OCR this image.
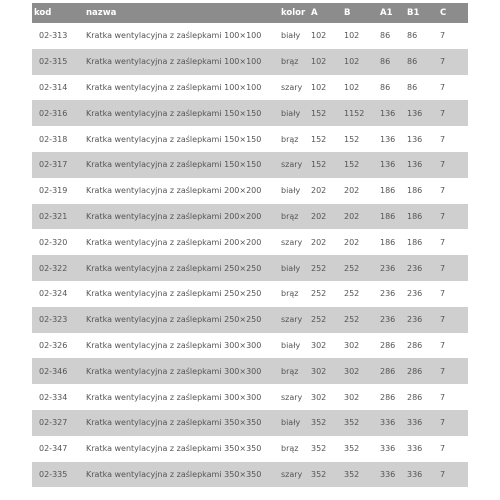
kod	nazwa	kolor	A	B	A1	B1	C
02-313	Kratka wentylacyjna z zaślepkami 100×100	biały	102	102	86	86	7
02-315	Kratka wentylacyjna z zaślepkami 100×100	brąz	102	102	86	86	7
02-314	Kratka wentylacyjna z zaślepkami 100×100	szary	102	102	86	86	7
02-316	Kratka wentylacyjna z zaślepkami 150×150	biały	152	1152	136	136	7
02-318	Kratka wentylacyjna z zaślepkami 150×150	brąz	152	152	136	136	7
02-317	Kratka wentylacyjna z zaślepkami 150×150	szary	152	152	136	136	7
02-319	Kratka wentylacyjna z zaślepkami 200×200	biały	202	202	186	186	7
02-321	Kratka wentylacyjna z zaślepkami 200×200	brąz	202	202	186	186	7
02-320	Kratka wentylacyjna z zaślepkami 200×200	szary	202	202	186	186	7
02-322	Kratka wentylacyjna z zaślepkami 250×250	biały	252	252	236	236	7
02-324	Kratka wentylacyjna z zaślepkami 250×250	brąz	252	252	236	236	7
02-323	Kratka wentylacyjna z zaślepkami 250×250	szary	252	252	236	236	7
02-326	Kratka wentylacyjna z zaślepkami 300×300	biały	302	302	286	286	7
02-346	Kratka wentylacyjna z zaślepkami 300×300	brąz	302	302	286	286	7
02-334	Kratka wentylacyjna z zaślepkami 300×300	szary	302	302	286	286	7
02-327	Kratka wentylacyjna z zaślepkami 350×350	biały	352	352	336	336	7
02-347	Kratka wentylacyjna z zaślepkami 350×350	brąz	352	352	336	336	7
02-335	Kratka wentylacyjna z zaślepkami 350×350	szary	352	352	336	336	7
